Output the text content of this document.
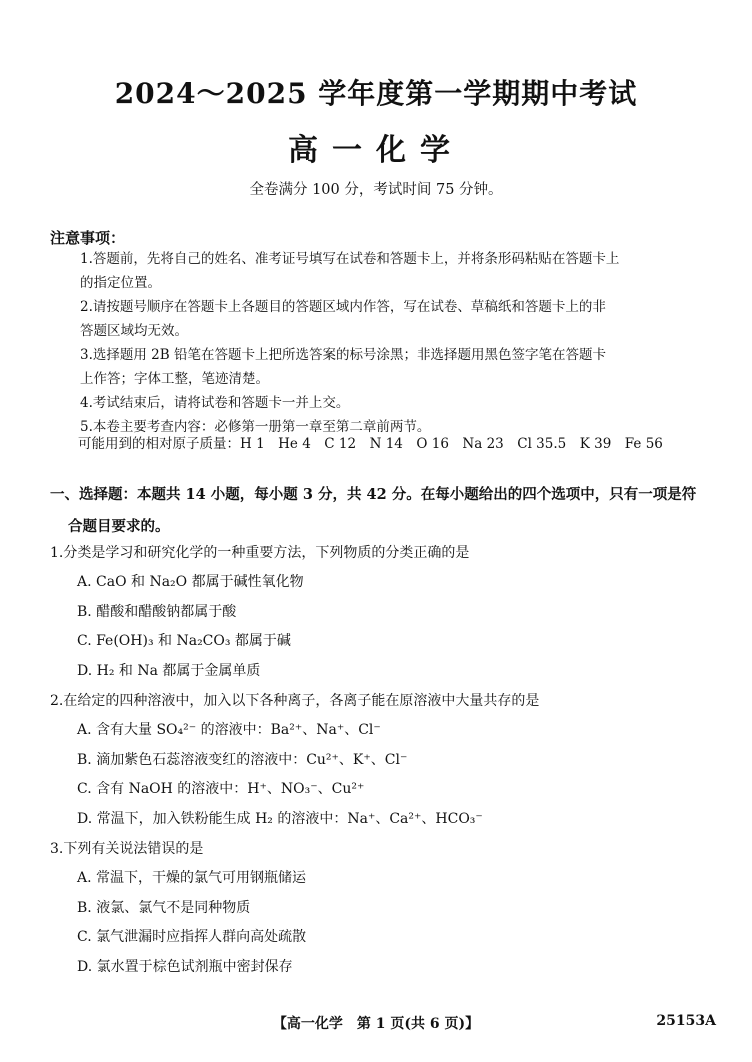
2024～2025 学年度第一学期期中考试
高一化学
全卷满分 100 分，考试时间 75 分钟。
注意事项：
1.答题前，先将自己的姓名、准考证号填写在试卷和答题卡上，并将条形码粘贴在答题卡上
的指定位置。
2.请按题号顺序在答题卡上各题目的答题区域内作答，写在试卷、草稿纸和答题卡上的非
答题区域均无效。
3.选择题用 2B 铅笔在答题卡上把所选答案的标号涂黑；非选择题用黑色签字笔在答题卡
上作答；字体工整，笔迹清楚。
4.考试结束后，请将试卷和答题卡一并上交。
5.本卷主要考查内容：必修第一册第一章至第二章前两节。
可能用到的相对原子质量：H 1　He 4　C 12　N 14　O 16　Na 23　Cl 35.5　K 39　Fe 56
一、选择题：本题共 14 小题，每小题 3 分，共 42 分。在每小题给出的四个选项中，只有一项是符
合题目要求的。
1.分类是学习和研究化学的一种重要方法，下列物质的分类正确的是
A. CaO 和 Na₂O 都属于碱性氧化物
B. 醋酸和醋酸钠都属于酸
C. Fe(OH)₃ 和 Na₂CO₃ 都属于碱
D. H₂ 和 Na 都属于金属单质
2.在给定的四种溶液中，加入以下各种离子，各离子能在原溶液中大量共存的是
A. 含有大量 SO₄²⁻ 的溶液中：Ba²⁺、Na⁺、Cl⁻
B. 滴加紫色石蕊溶液变红的溶液中：Cu²⁺、K⁺、Cl⁻
C. 含有 NaOH 的溶液中：H⁺、NO₃⁻、Cu²⁺
D. 常温下，加入铁粉能生成 H₂ 的溶液中：Na⁺、Ca²⁺、HCO₃⁻
3.下列有关说法错误的是
A. 常温下，干燥的氯气可用钢瓶储运
B. 液氯、氯气不是同种物质
C. 氯气泄漏时应指挥人群向高处疏散
D. 氯水置于棕色试剂瓶中密封保存
【高一化学　第 1 页(共 6 页)】	25153A
